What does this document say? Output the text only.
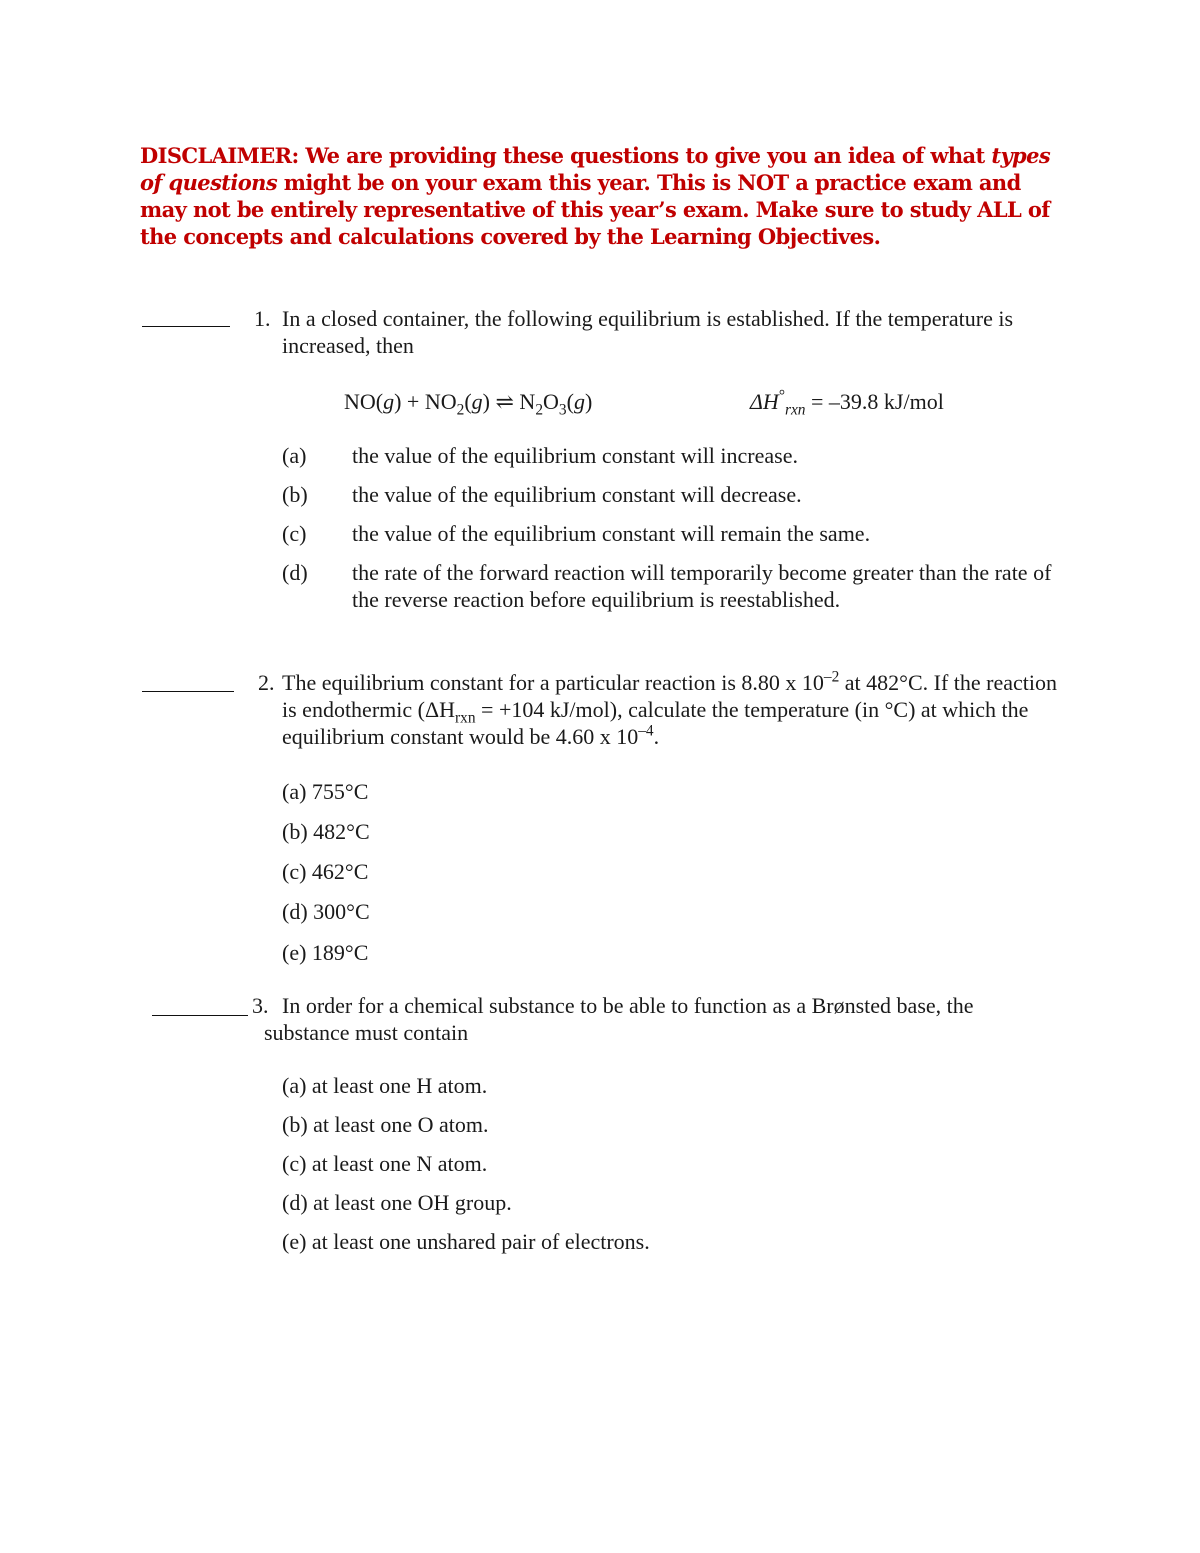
DISCLAIMER: We are providing these questions to give you an idea of what types of questions might be on your exam this year. This is NOT a practice exam and may not be entirely representative of this year’s exam. Make sure to study ALL of the concepts and calculations covered by the Learning Objectives.
1. In a closed container, the following equilibrium is established. If the temperature is increased, then
$NO(g) + NO_2(g)$ ⇌ $N_2O_3(g)$	$\Delta H^\circ_{rxn} = -39.8$ kJ/mol
(a) the value of the equilibrium constant will increase.
(b) the value of the equilibrium constant will decrease.
(c) the value of the equilibrium constant will remain the same.
(d) the rate of the forward reaction will temporarily become greater than the rate of the reverse reaction before equilibrium is reestablished.
2. The equilibrium constant for a particular reaction is 8.80 x $10^{-2}$ at 482°C. If the reaction is endothermic ($\Delta H_{rxn} = +104$ kJ/mol), calculate the temperature (in °C) at which the equilibrium constant would be 4.60 x $10^{-4}$.
(a) 755°C
(b) 482°C
(c) 462°C
(d) 300°C
(e) 189°C
3. In order for a chemical substance to be able to function as a Brønsted base, the
substance must contain
(a) at least one H atom.
(b) at least one O atom.
(c) at least one N atom.
(d) at least one OH group.
(e) at least one unshared pair of electrons.
